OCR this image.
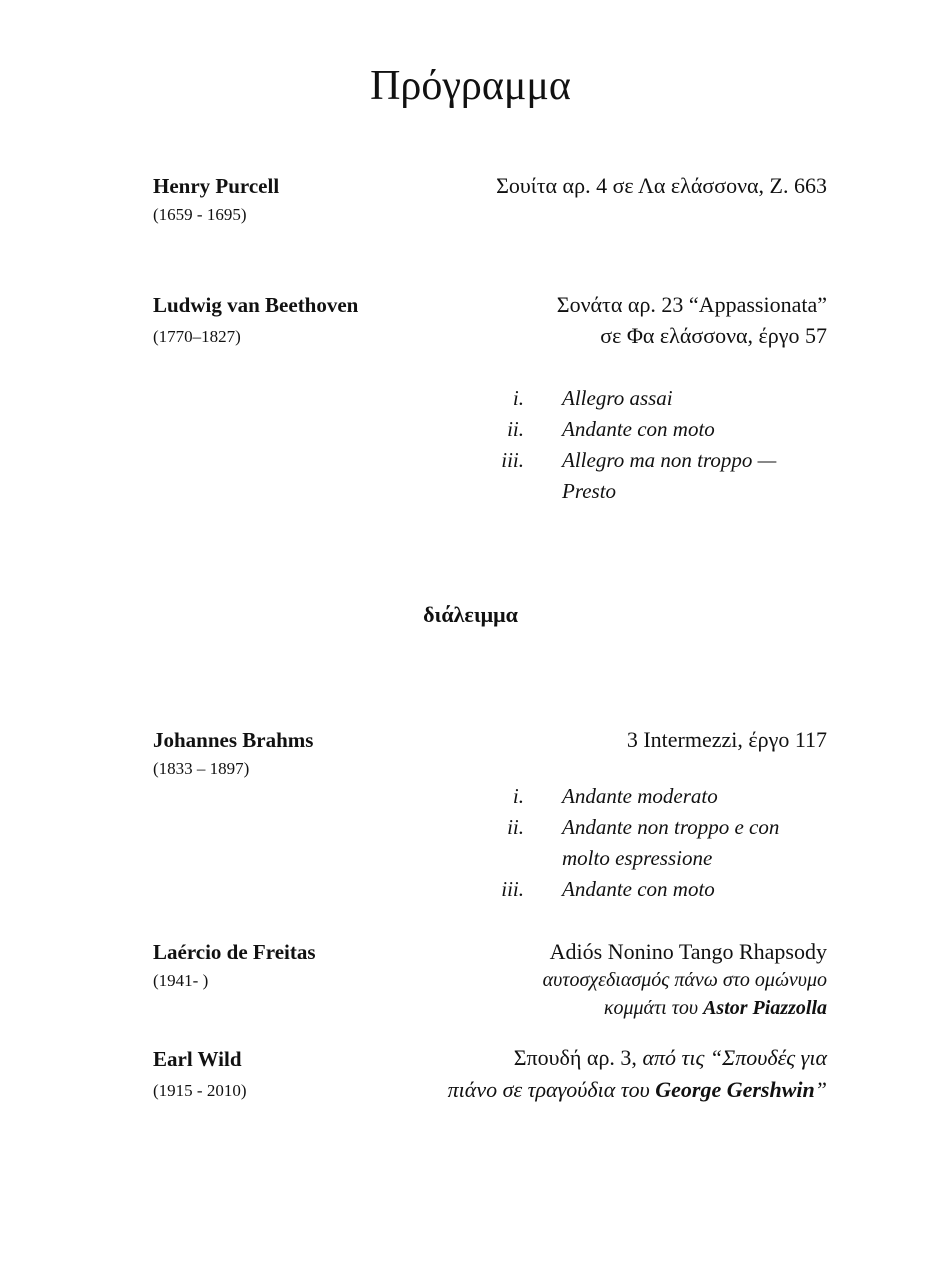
Πρόγραμμα
Henry Purcell
(1659 - 1695)
Σουίτα αρ. 4 σε Λα ελάσσονα, Ζ. 663
Ludwig van Beethoven
(1770–1827)
Σονάτα αρ. 23 “Appassionata”
σε Φα ελάσσονα, έργο 57
i. Allegro assai
ii. Andante con moto
iii. Allegro ma non troppo —
Presto
διάλειμμα
Johannes Brahms
(1833 – 1897)
3 Intermezzi, έργο 117
i. Andante moderato
ii. Andante non troppo e con
molto espressione
iii. Andante con moto
Laércio de Freitas
(1941- )
Adiós Nonino Tango Rhapsody
αυτοσχεδιασμός πάνω στο ομώνυμο
κομμάτι του Astor Piazzolla
Earl Wild
(1915 - 2010)
Σπουδή αρ. 3, από τις “Σπουδές για
πιάνο σε τραγούδια του George Gershwin”
